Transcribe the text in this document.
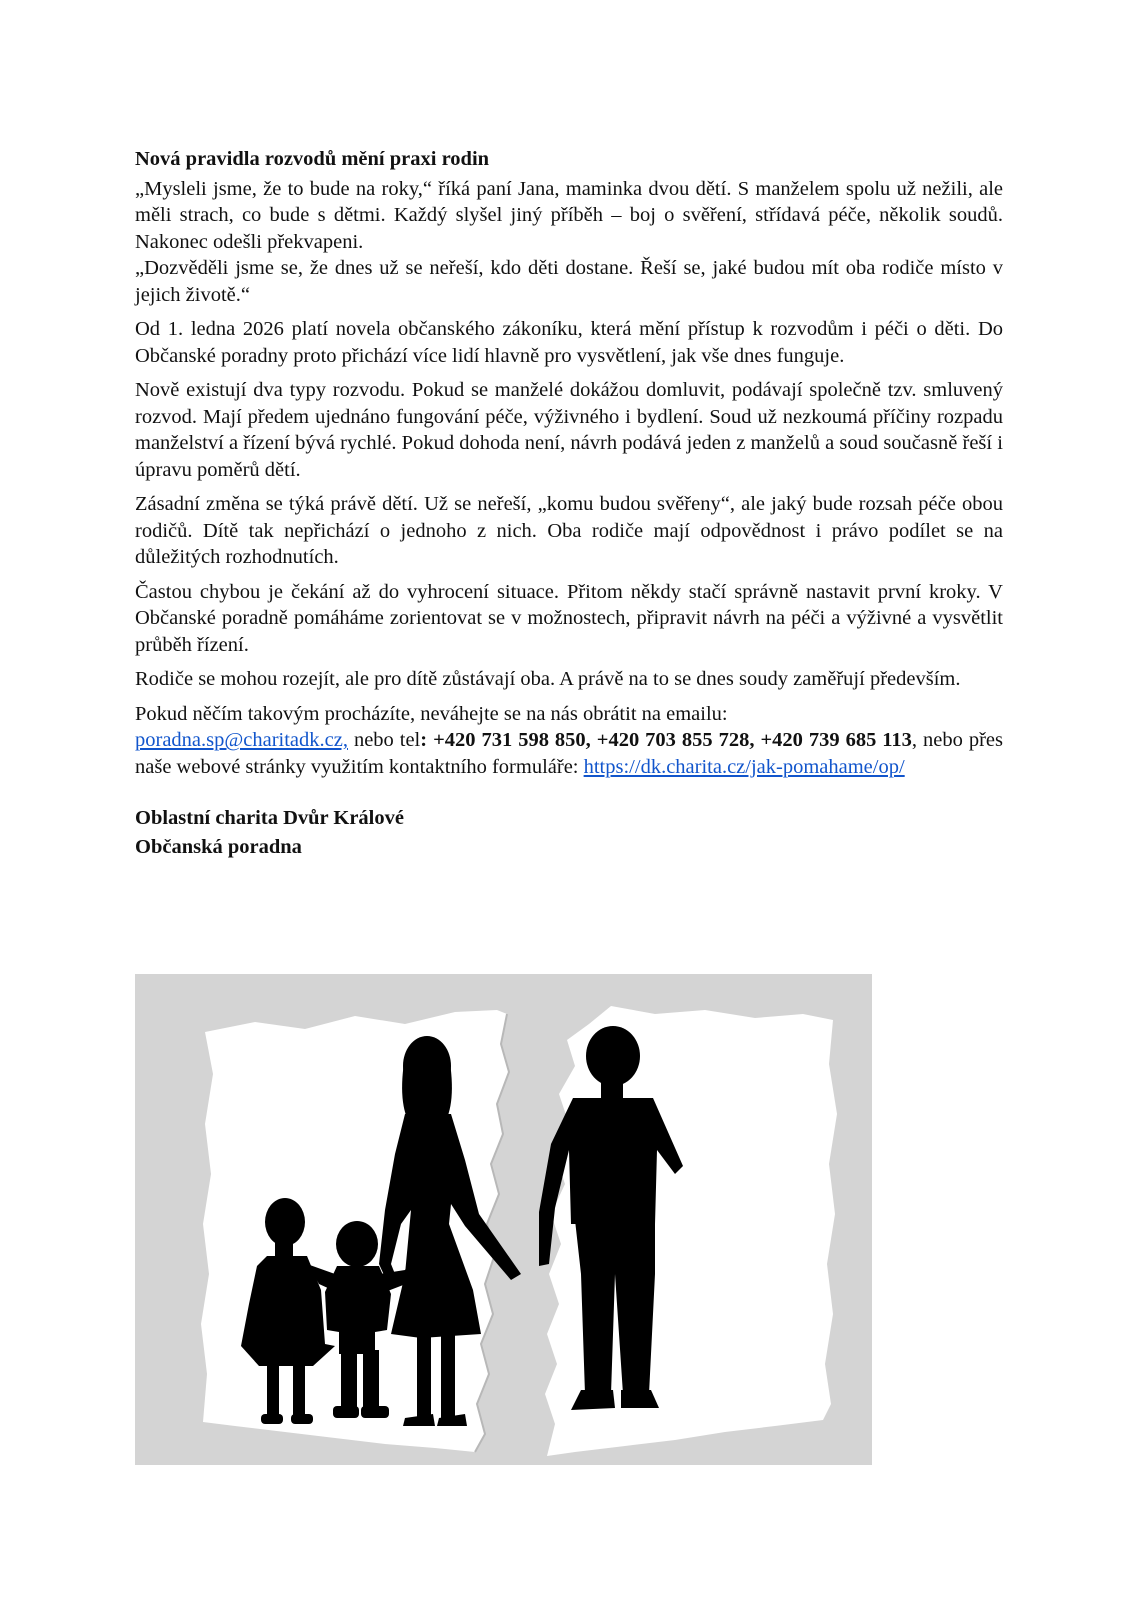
Nová pravidla rozvodů mění praxi rodin

„Mysleli jsme, že to bude na roky,“ říká paní Jana, maminka dvou dětí. S manželem spolu už nežili, ale měli strach, co bude s dětmi. Každý slyšel jiný příběh – boj o svěření, střídavá péče, několik soudů. Nakonec odešli překvapeni.

„Dozvěděli jsme se, že dnes už se neřeší, kdo děti dostane. Řeší se, jaké budou mít oba rodiče místo v jejich životě.“

Od 1. ledna 2026 platí novela občanského zákoníku, která mění přístup k rozvodům i péči o děti. Do Občanské poradny proto přichází více lidí hlavně pro vysvětlení, jak vše dnes funguje.

Nově existují dva typy rozvodu. Pokud se manželé dokážou domluvit, podávají společně tzv. smluvený rozvod. Mají předem ujednáno fungování péče, výživného i bydlení. Soud už nezkoumá příčiny rozpadu manželství a řízení bývá rychlé. Pokud dohoda není, návrh podává jeden z manželů a soud současně řeší i úpravu poměrů dětí.

Zásadní změna se týká právě dětí. Už se neřeší, „komu budou svěřeny“, ale jaký bude rozsah péče obou rodičů. Dítě tak nepřichází o jednoho z nich. Oba rodiče mají odpovědnost i právo podílet se na důležitých rozhodnutích.

Častou chybou je čekání až do vyhrocení situace. Přitom někdy stačí správně nastavit první kroky. V Občanské poradně pomáháme zorientovat se v možnostech, připravit návrh na péči a výživné a vysvětlit průběh řízení.

Rodiče se mohou rozejít, ale pro dítě zůstávají oba. A právě na to se dnes soudy zaměřují především.

Pokud něčím takovým procházíte, neváhejte se na nás obrátit na emailu:
poradna.sp@charitadk.cz, nebo tel: +420 731 598 850, +420 703 855 728, +420 739 685 113, nebo přes naše webové stránky využitím kontaktního formuláře: https://dk.charita.cz/jak-pomahame/op/

Oblastní charita Dvůr Králové
Občanská poradna
